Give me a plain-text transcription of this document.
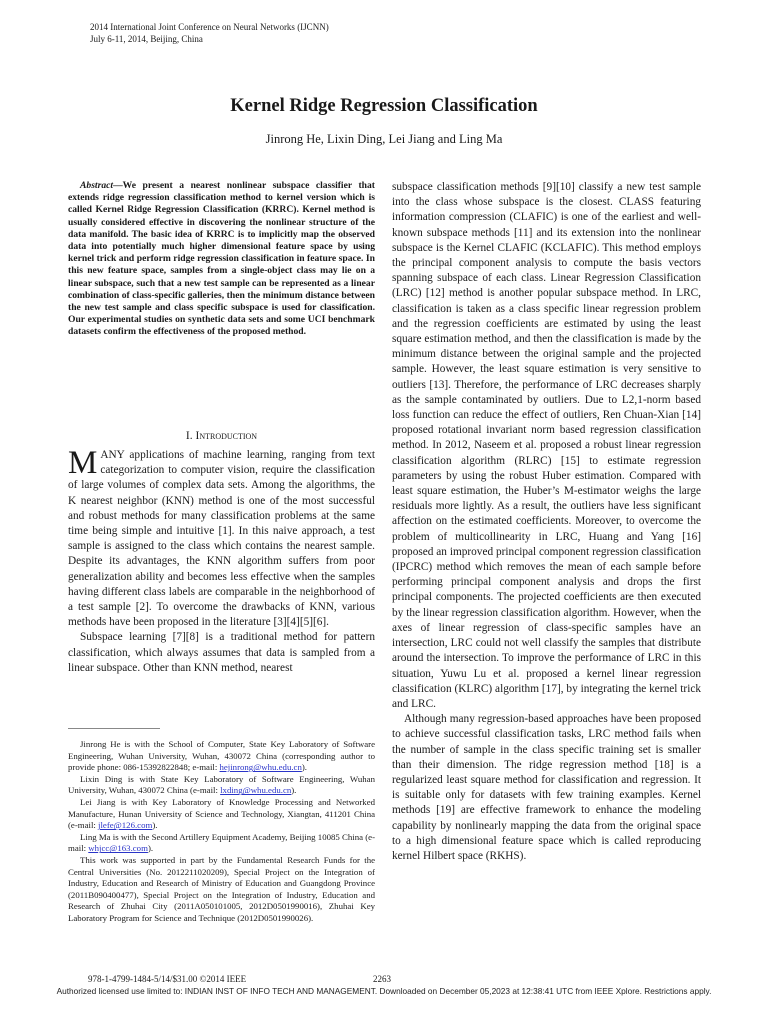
2014 International Joint Conference on Neural Networks (IJCNN)
July 6-11, 2014, Beijing, China
Kernel Ridge Regression Classification
Jinrong He, Lixin Ding, Lei Jiang and Ling Ma

Abstract—We present a nearest nonlinear subspace classifier that extends ridge regression classification method to kernel version which is called Kernel Ridge Regression Classification (KRRC). Kernel method is usually considered effective in discovering the nonlinear structure of the data manifold. The basic idea of KRRC is to implicitly map the observed data into potentially much higher dimensional feature space by using kernel trick and perform ridge regression classification in feature space. In this new feature space, samples from a single-object class may lie on a linear subspace, such that a new test sample can be represented as a linear combination of class-specific galleries, then the minimum distance between the new test sample and class specific subspace is used for classification. Our experimental studies on synthetic data sets and some UCI benchmark datasets confirm the effectiveness of the proposed method.

I. Introduction

MANY applications of machine learning, ranging from text categorization to computer vision, require the classification of large volumes of complex data sets. Among the algorithms, the K nearest neighbor (KNN) method is one of the most successful and robust methods for many classification problems at the same time being simple and intuitive [1]. In this naive approach, a test sample is assigned to the class which contains the nearest sample. Despite its advantages, the KNN algorithm suffers from poor generalization ability and becomes less effective when the samples having different class labels are comparable in the neighborhood of a test sample [2]. To overcome the drawbacks of KNN, various methods have been proposed in the literature [3][4][5][6].

Subspace learning [7][8] is a traditional method for pattern classification, which always assumes that data is sampled from a linear subspace. Other than KNN method, nearest

Jinrong He is with the School of Computer, State Key Laboratory of Software Engineering, Wuhan University, Wuhan, 430072 China (corresponding author to provide phone: 086-15392822848; e-mail: hejinrong@whu.edu.cn).

Lixin Ding is with State Key Laboratory of Software Engineering, Wuhan University, Wuhan, 430072 China (e-mail: lxding@whu.edu.cn).

Lei Jiang is with Key Laboratory of Knowledge Processing and Networked Manufacture, Hunan University of Science and Technology, Xiangtan, 411201 China (e-mail: jlefe@126.com).

Ling Ma is with the Second Artillery Equipment Academy, Beijing 10085 China (e-mail: whjcc@163.com).

This work was supported in part by the Fundamental Research Funds for the Central Universities (No. 2012211020209), Special Project on the Integration of Industry, Education and Research of Ministry of Education and Guangdong Province (2011B090400477), Special Project on the Integration of Industry, Education and Research of Zhuhai City (2011A050101005, 2012D0501990016), Zhuhai Key Laboratory Program for Science and Technique (2012D0501990026).

subspace classification methods [9][10] classify a new test sample into the class whose subspace is the closest. CLASS featuring information compression (CLAFIC) is one of the earliest and well-known subspace methods [11] and its extension into the nonlinear subspace is the Kernel CLAFIC (KCLAFIC). This method employs the principal component analysis to compute the basis vectors spanning subspace of each class. Linear Regression Classification (LRC) [12] method is another popular subspace method. In LRC, classification is taken as a class specific linear regression problem and the regression coefficients are estimated by using the least square estimation method, and then the classification is made by the minimum distance between the original sample and the projected sample. However, the least square estimation is very sensitive to outliers [13]. Therefore, the performance of LRC decreases sharply as the sample contaminated by outliers. Due to L2,1-norm based loss function can reduce the effect of outliers, Ren Chuan-Xian [14] proposed rotational invariant norm based regression classification method. In 2012, Naseem et al. proposed a robust linear regression classification algorithm (RLRC) [15] to estimate regression parameters by using the robust Huber estimation. Compared with least square estimation, the Huber’s M-estimator weighs the large residuals more lightly. As a result, the outliers have less significant affection on the estimated coefficients. Moreover, to overcome the problem of multicollinearity in LRC, Huang and Yang [16] proposed an improved principal component regression classification (IPCRC) method which removes the mean of each sample before performing principal component analysis and drops the first principal components. The projected coefficients are then executed by the linear regression classification algorithm. However, when the axes of linear regression of class-specific samples have an intersection, LRC could not well classify the samples that distribute around the intersection. To improve the performance of LRC in this situation, Yuwu Lu et al. proposed a kernel linear regression classification (KLRC) algorithm [17], by integrating the kernel trick and LRC.

Although many regression-based approaches have been proposed to achieve successful classification tasks, LRC method fails when the number of sample in the class specific training set is smaller than their dimension. The ridge regression method [18] is a regularized least square method for classification and regression. It is suitable only for datasets with few training examples. Kernel methods [19] are effective framework to enhance the modeling capability by nonlinearly mapping the data from the original space to a high dimensional feature space which is called reproducing kernel Hilbert space (RKHS).

978-1-4799-1484-5/14/$31.00 ©2014 IEEE	2263
Authorized licensed use limited to: INDIAN INST OF INFO TECH AND MANAGEMENT. Downloaded on December 05,2023 at 12:38:41 UTC from IEEE Xplore. Restrictions apply.
